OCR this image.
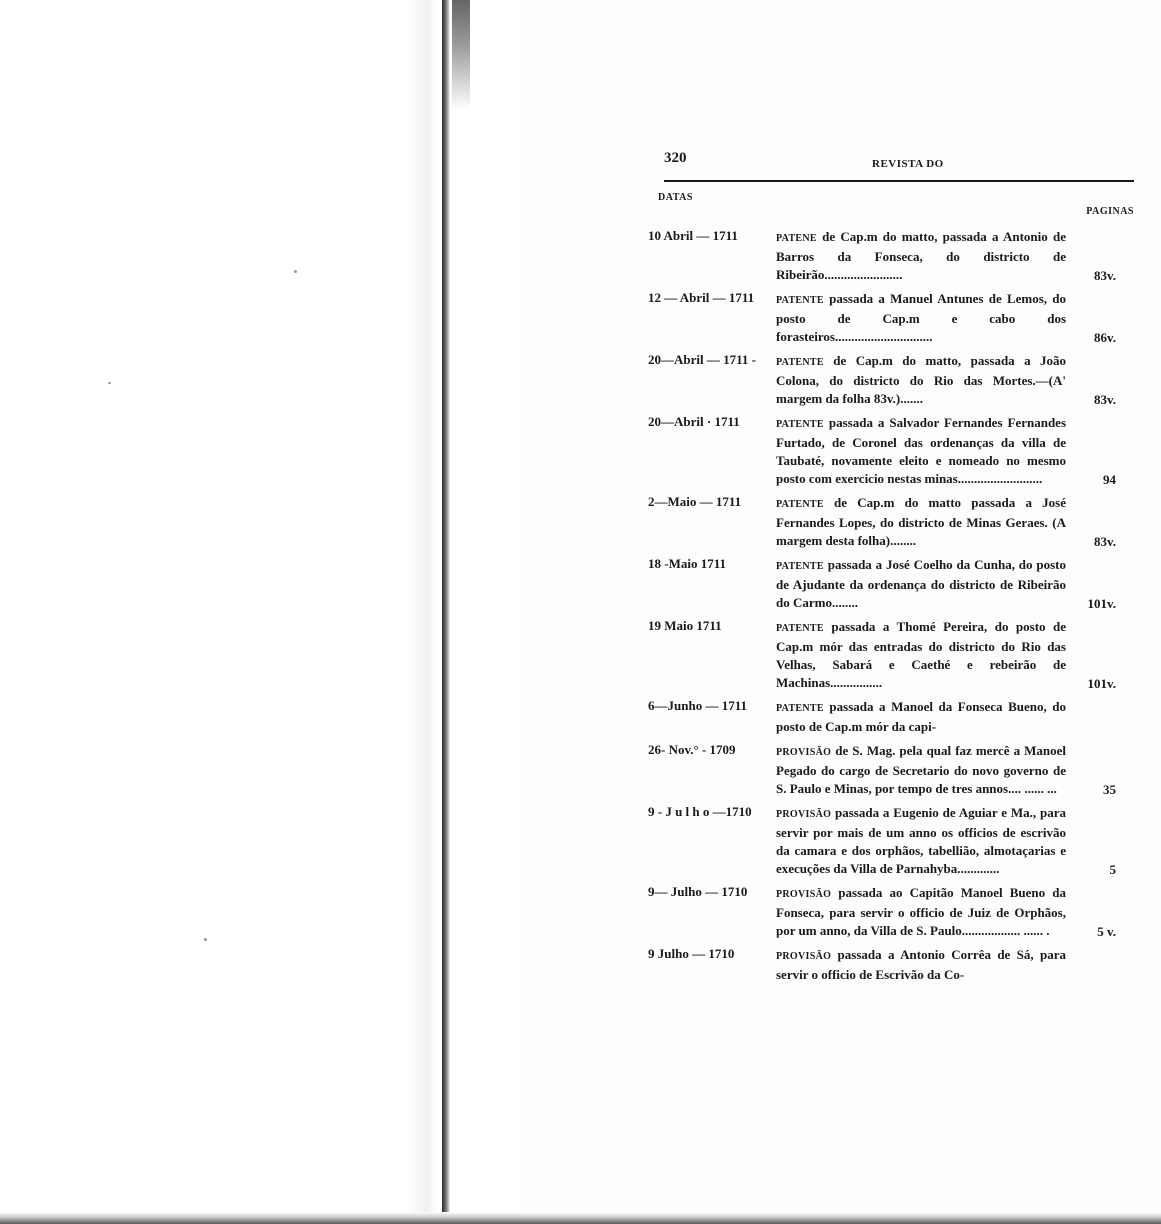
320	REVISTA DO
DATAS
PAGINAS
10 Abril — 1711	PATENE de Cap.m do matto, passada a Antonio de Barros da Fonseca, do districto de Ribeirão........................	83v.
12 — Abril — 1711	PATENTE passada a Manuel Antunes de Lemos, do posto de Cap.m e cabo dos forasteiros..............................	86v.
20—Abril — 1711 -	PATENTE de Cap.m do matto, passada a João Colona, do districto do Rio das Mortes.—(A' margem da folha 83v.).......	83v.
20—Abril · 1711	PATENTE passada a Salvador Fernandes Fernandes Furtado, de Coronel das ordenanças da villa de Taubaté, novamente eleito e nomeado no mesmo posto com exercicio nestas minas..........................	94
2—Maio — 1711	PATENTE de Cap.m do matto passada a José Fernandes Lopes, do districto de Minas Geraes. (A margem desta folha)........	83v.
18 -Maio 1711	PATENTE passada a José Coelho da Cunha, do posto de Ajudante da ordenança do districto de Ribeirão do Carmo........	101v.
19 Maio 1711	PATENTE passada a Thomé Pereira, do posto de Cap.m mór das entradas do districto do Rio das Velhas, Sabará e Caethé e rebeirão de Machinas................	101v.
6—Junho — 1711	PATENTE passada a Manoel da Fonseca Bueno, do posto de Cap.m mór da capi-
26- Nov.° - 1709	PROVISÃO de S. Mag. pela qual faz mercê a Manoel Pegado do cargo de Secretario do novo governo de S. Paulo e Minas, por tempo de tres annos.... ...... ...	35
9 - J u l h o —1710	PROVISÃO passada a Eugenio de Aguiar e Ma., para servir por mais de um anno os officios de escrivão da camara e dos orphãos, tabellião, almotaçarias e execuções da Villa de Parnahyba.............	5
9— Julho — 1710	PROVISÃO passada ao Capitão Manoel Bueno da Fonseca, para servir o officio de Juiz de Orphãos, por um anno, da Villa de S. Paulo.................. ...... .	5 v.
9 Julho — 1710	PROVISÃO passada a Antonio Corrêa de Sá, para servir o officio de Escrivão da Co-
